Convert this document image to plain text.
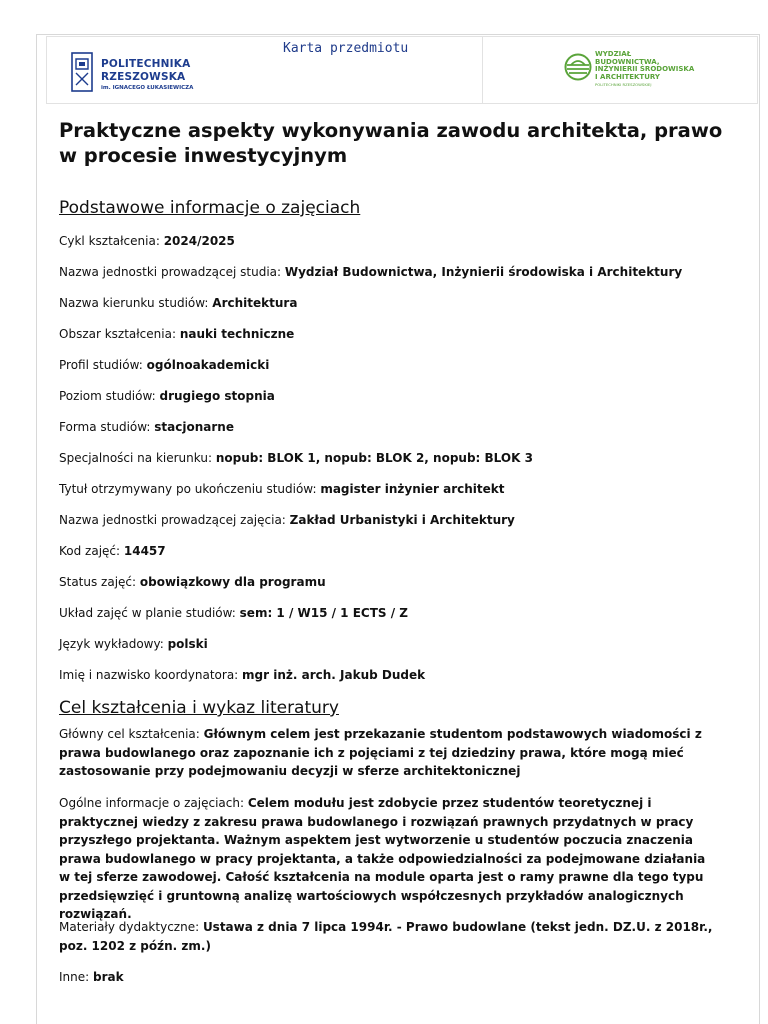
Karta przedmiotu
POLITECHNIKA
RZESZOWSKA
im. IGNACEGO ŁUKASIEWICZA
WYDZIAŁ
BUDOWNICTWA,
INŻYNIERII ŚRODOWISKA
I ARCHITEKTURY
POLITECHNIKI RZESZOWSKIEJ
Praktyczne aspekty wykonywania zawodu architekta, prawo w procesie inwestycyjnym
Podstawowe informacje o zajęciach
Cykl kształcenia: 2024/2025
Nazwa jednostki prowadzącej studia: Wydział Budownictwa, Inżynierii środowiska i Architektury
Nazwa kierunku studiów: Architektura
Obszar kształcenia: nauki techniczne
Profil studiów: ogólnoakademicki
Poziom studiów: drugiego stopnia
Forma studiów: stacjonarne
Specjalności na kierunku: nopub: BLOK 1, nopub: BLOK 2, nopub: BLOK 3
Tytuł otrzymywany po ukończeniu studiów: magister inżynier architekt
Nazwa jednostki prowadzącej zajęcia: Zakład Urbanistyki i Architektury
Kod zajęć: 14457
Status zajęć: obowiązkowy dla programu
Układ zajęć w planie studiów: sem: 1 / W15 / 1 ECTS / Z
Język wykładowy: polski
Imię i nazwisko koordynatora: mgr inż. arch. Jakub Dudek
Cel kształcenia i wykaz literatury
Główny cel kształcenia: Głównym celem jest przekazanie studentom podstawowych wiadomości z prawa budowlanego oraz zapoznanie ich z pojęciami z tej dziedziny prawa, które mogą mieć zastosowanie przy podejmowaniu decyzji w sferze architektonicznej
Ogólne informacje o zajęciach: Celem modułu jest zdobycie przez studentów teoretycznej i praktycznej wiedzy z zakresu prawa budowlanego i rozwiązań prawnych przydatnych w pracy przyszłego projektanta. Ważnym aspektem jest wytworzenie u studentów poczucia znaczenia prawa budowlanego w pracy projektanta, a także odpowiedzialności za podejmowane działania w tej sferze zawodowej. Całość kształcenia na module oparta jest o ramy prawne dla tego typu przedsięwzięć i gruntowną analizę wartościowych współczesnych przykładów analogicznych rozwiązań.
Materiały dydaktyczne: Ustawa z dnia 7 lipca 1994r. - Prawo budowlane (tekst jedn. DZ.U. z 2018r., poz. 1202 z późn. zm.)
Inne: brak
